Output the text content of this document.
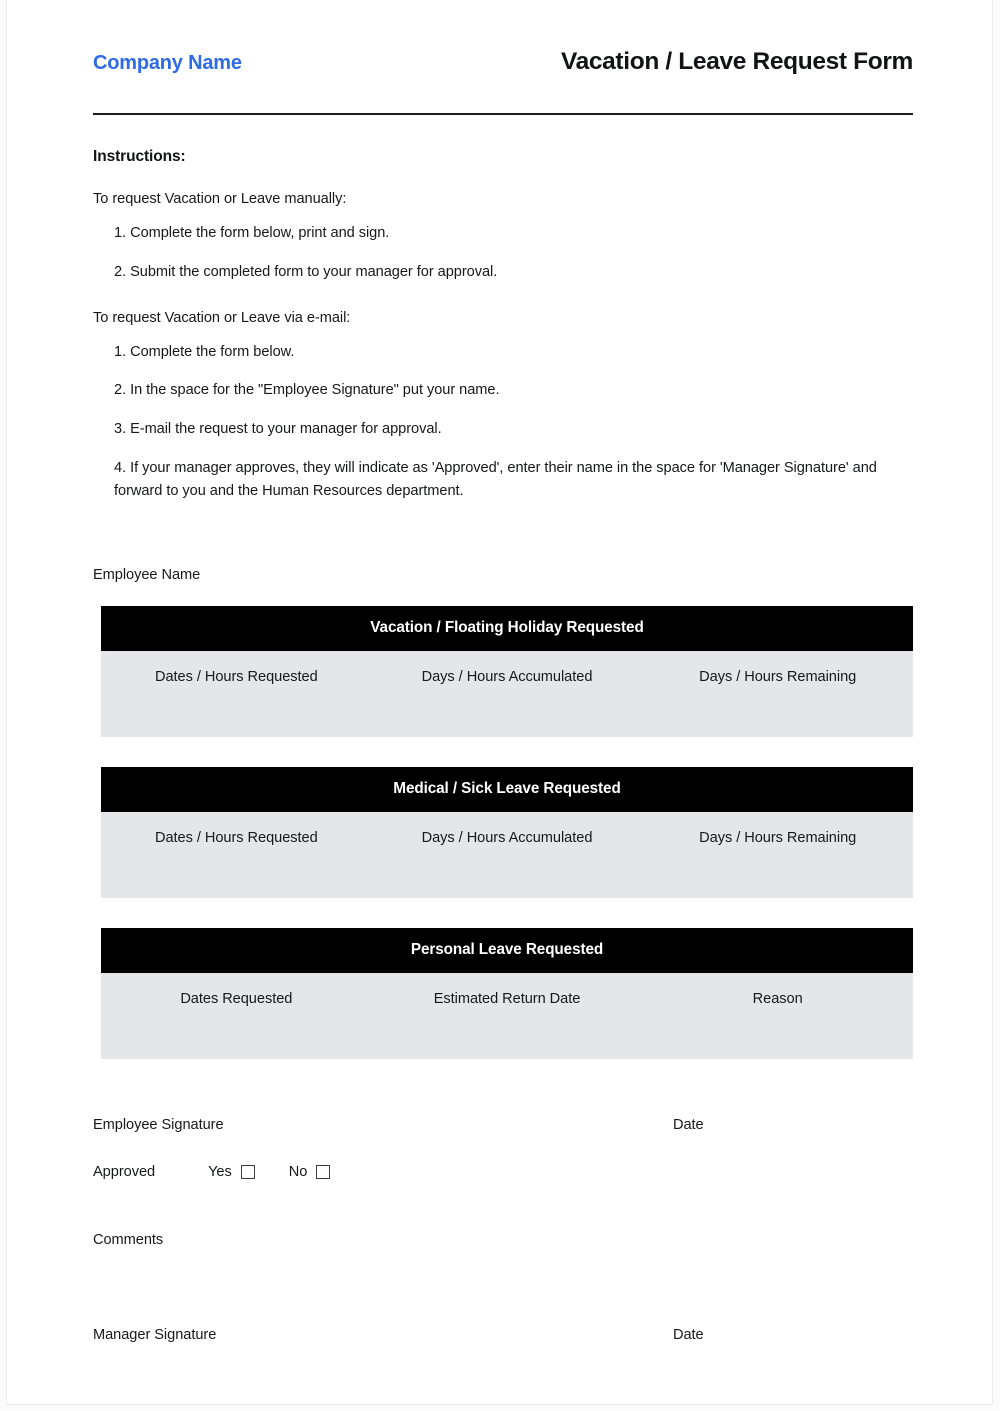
Company Name	Vacation / Leave Request Form
Instructions:
To request Vacation or Leave manually:
1. Complete the form below, print and sign.
2. Submit the completed form to your manager for approval.
To request Vacation or Leave via e-mail:
1. Complete the form below.
2. In the space for the "Employee Signature" put your name.
3. E-mail the request to your manager for approval.
4. If your manager approves, they will indicate as 'Approved', enter their name in the space for 'Manager Signature' and forward to you and the Human Resources department.
Employee Name
Vacation / Floating Holiday Requested
Dates / Hours Requested	Days / Hours Accumulated	Days / Hours Remaining
Medical / Sick Leave Requested
Dates / Hours Requested	Days / Hours Accumulated	Days / Hours Remaining
Personal Leave Requested
Dates Requested	Estimated Return Date	Reason
Employee Signature	Date
Approved	Yes	No
Comments
Manager Signature	Date
